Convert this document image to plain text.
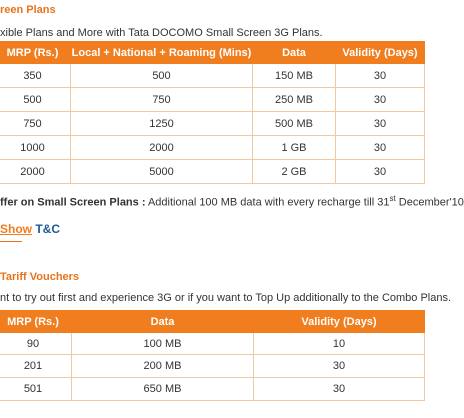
reen Plans
xible Plans and More with Tata DOCOMO Small Screen 3G Plans.
MRP (Rs.)	Local + National + Roaming (Mins)	Data	Validity (Days)
350	500	150 MB	30
500	750	250 MB	30
750	1250	500 MB	30
1000	2000	1 GB	30
2000	5000	2 GB	30
ffer on Small Screen Plans : Additional 100 MB data with every recharge till 31st December'10
Show T&C
Tariff Vouchers
nt to try out first and experience 3G or if you want to Top Up additionally to the Combo Plans.
MRP (Rs.)	Data	Validity (Days)
90	100 MB	10
201	200 MB	30
501	650 MB	30
